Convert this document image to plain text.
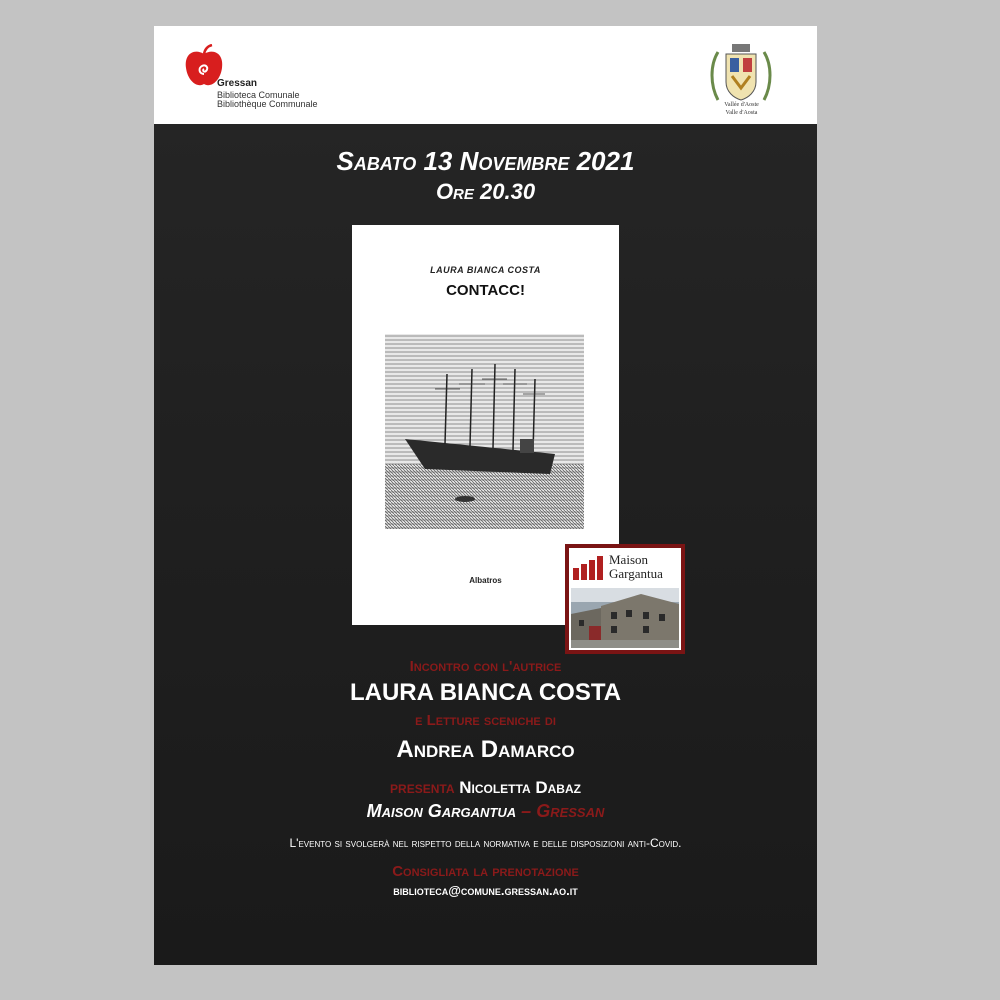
Gressan
Biblioteca Comunale
Bibliothèque Communale	Vallée d'Aoste
Valle d'Aosta
Sabato 13 Novembre 2021
Ore 20.30
LAURA BIANCA COSTA
CONTACC!
Albatros
Maison
Gargantua
Incontro con l'autrice
LAURA BIANCA COSTA
e Letture sceniche di
Andrea Damarco
presenta Nicoletta Dabaz
Maison Gargantua – Gressan
L'evento si svolgerà nel rispetto della normativa e delle disposizioni anti-Covid.
Consigliata la prenotazione
biblioteca@comune.gressan.ao.it
